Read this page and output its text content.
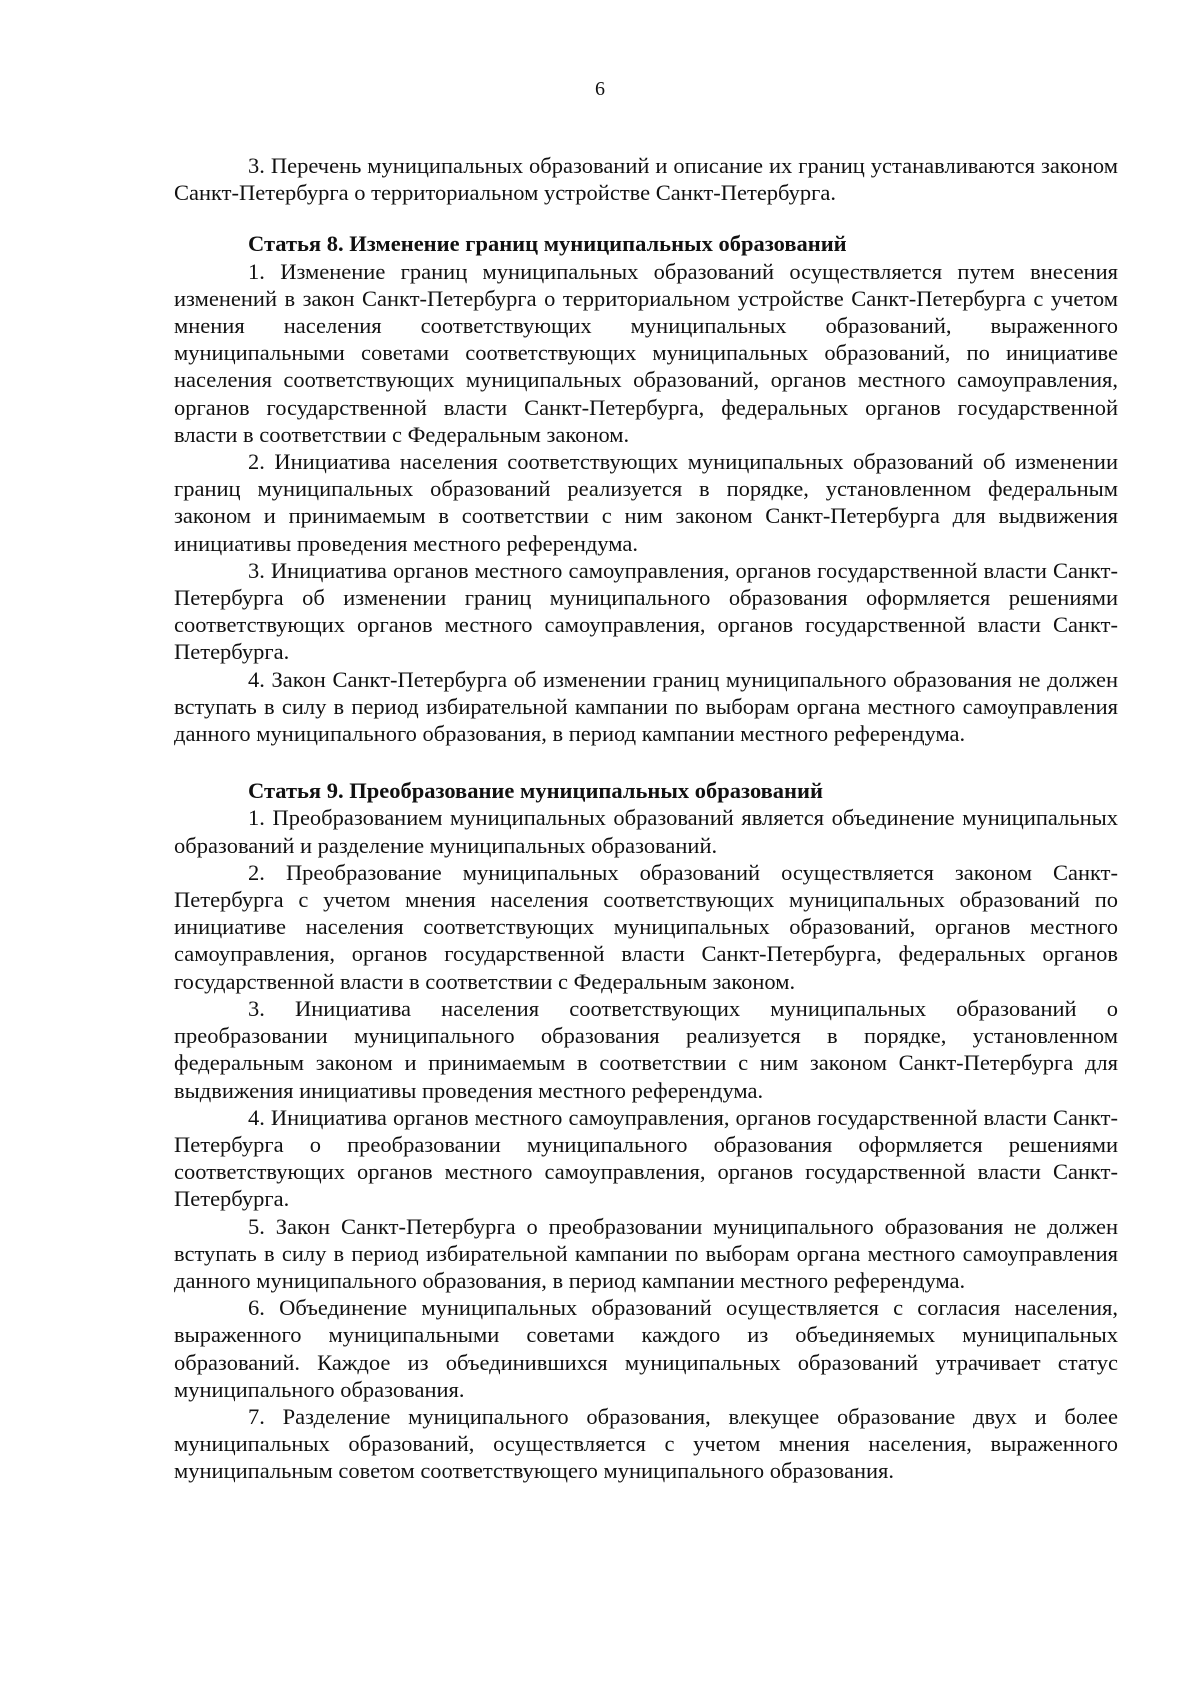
6

3. Перечень муниципальных образований и описание их границ устанавливаются законом Санкт-Петербурга о территориальном устройстве Санкт-Петербурга.

Статья 8. Изменение границ муниципальных образований

1. Изменение границ муниципальных образований осуществляется путем внесения изменений в закон Санкт-Петербурга о территориальном устройстве Санкт-Петербурга с учетом мнения населения соответствующих муниципальных образований, выраженного муниципальными советами соответствующих муниципальных образований, по инициативе населения соответствующих муниципальных образований, органов местного самоуправления, органов государственной власти Санкт-Петербурга, федеральных органов государственной власти в соответствии с Федеральным законом.

2. Инициатива населения соответствующих муниципальных образований об изменении границ муниципальных образований реализуется в порядке, установленном федеральным законом и принимаемым в соответствии с ним законом Санкт-Петербурга для выдвижения инициативы проведения местного референдума.

3. Инициатива органов местного самоуправления, органов государственной власти Санкт-Петербурга об изменении границ муниципального образования оформляется решениями соответствующих органов местного самоуправления, органов государственной власти Санкт-Петербурга.

4. Закон Санкт-Петербурга об изменении границ муниципального образования не должен вступать в силу в период избирательной кампании по выборам органа местного самоуправления данного муниципального образования, в период кампании местного референдума.

Статья 9. Преобразование муниципальных образований

1. Преобразованием муниципальных образований является объединение муниципальных образований и разделение муниципальных образований.

2. Преобразование муниципальных образований осуществляется законом Санкт-Петербурга с учетом мнения населения соответствующих муниципальных образований по инициативе населения соответствующих муниципальных образований, органов местного самоуправления, органов государственной власти Санкт-Петербурга, федеральных органов государственной власти в соответствии с Федеральным законом.

3. Инициатива населения соответствующих муниципальных образований о преобразовании муниципального образования реализуется в порядке, установленном федеральным законом и принимаемым в соответствии с ним законом Санкт-Петербурга для выдвижения инициативы проведения местного референдума.

4. Инициатива органов местного самоуправления, органов государственной власти Санкт-Петербурга о преобразовании муниципального образования оформляется решениями соответствующих органов местного самоуправления, органов государственной власти Санкт-Петербурга.

5. Закон Санкт-Петербурга о преобразовании муниципального образования не должен вступать в силу в период избирательной кампании по выборам органа местного самоуправления данного муниципального образования, в период кампании местного референдума.

6. Объединение муниципальных образований осуществляется с согласия населения, выраженного муниципальными советами каждого из объединяемых муниципальных образований. Каждое из объединившихся муниципальных образований утрачивает статус муниципального образования.

7. Разделение муниципального образования, влекущее образование двух и более муниципальных образований, осуществляется с учетом мнения населения, выраженного муниципальным советом соответствующего муниципального образования.
